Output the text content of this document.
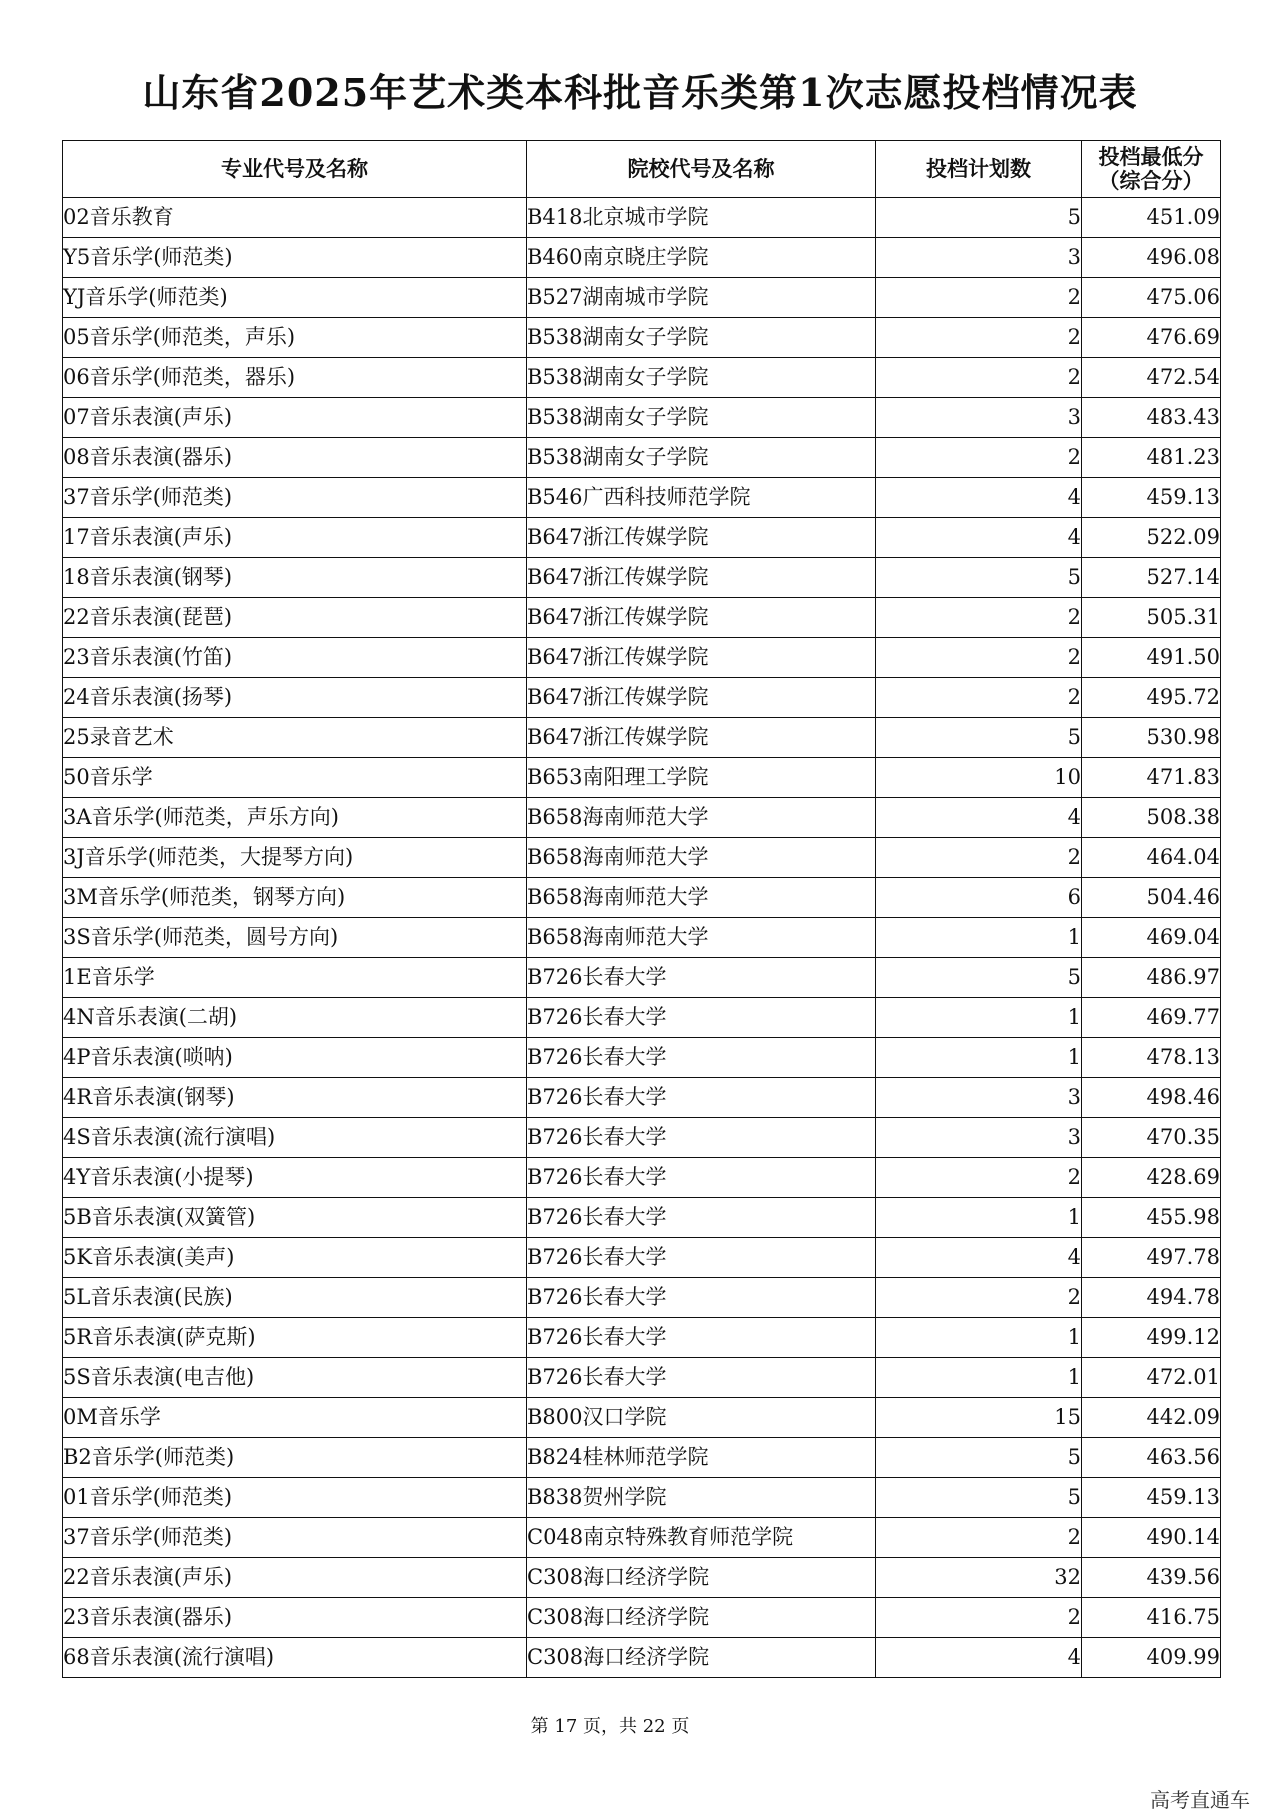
山东省2025年艺术类本科批音乐类第1次志愿投档情况表
专业代号及名称	院校代号及名称	投档计划数	投档最低分
（综合分）

02音乐教育	B418北京城市学院	5	451.09
Y5音乐学(师范类)	B460南京晓庄学院	3	496.08
YJ音乐学(师范类)	B527湖南城市学院	2	475.06
05音乐学(师范类，声乐)	B538湖南女子学院	2	476.69
06音乐学(师范类，器乐)	B538湖南女子学院	2	472.54
07音乐表演(声乐)	B538湖南女子学院	3	483.43
08音乐表演(器乐)	B538湖南女子学院	2	481.23
37音乐学(师范类)	B546广西科技师范学院	4	459.13
17音乐表演(声乐)	B647浙江传媒学院	4	522.09
18音乐表演(钢琴)	B647浙江传媒学院	5	527.14
22音乐表演(琵琶)	B647浙江传媒学院	2	505.31
23音乐表演(竹笛)	B647浙江传媒学院	2	491.50
24音乐表演(扬琴)	B647浙江传媒学院	2	495.72
25录音艺术	B647浙江传媒学院	5	530.98
50音乐学	B653南阳理工学院	10	471.83
3A音乐学(师范类，声乐方向)	B658海南师范大学	4	508.38
3J音乐学(师范类，大提琴方向)	B658海南师范大学	2	464.04
3M音乐学(师范类，钢琴方向)	B658海南师范大学	6	504.46
3S音乐学(师范类，圆号方向)	B658海南师范大学	1	469.04
1E音乐学	B726长春大学	5	486.97
4N音乐表演(二胡)	B726长春大学	1	469.77
4P音乐表演(唢呐)	B726长春大学	1	478.13
4R音乐表演(钢琴)	B726长春大学	3	498.46
4S音乐表演(流行演唱)	B726长春大学	3	470.35
4Y音乐表演(小提琴)	B726长春大学	2	428.69
5B音乐表演(双簧管)	B726长春大学	1	455.98
5K音乐表演(美声)	B726长春大学	4	497.78
5L音乐表演(民族)	B726长春大学	2	494.78
5R音乐表演(萨克斯)	B726长春大学	1	499.12
5S音乐表演(电吉他)	B726长春大学	1	472.01
0M音乐学	B800汉口学院	15	442.09
B2音乐学(师范类)	B824桂林师范学院	5	463.56
01音乐学(师范类)	B838贺州学院	5	459.13
37音乐学(师范类)	C048南京特殊教育师范学院	2	490.14
22音乐表演(声乐)	C308海口经济学院	32	439.56
23音乐表演(器乐)	C308海口经济学院	2	416.75
68音乐表演(流行演唱)	C308海口经济学院	4	409.99
第 17 页，共 22 页
高考直通车
